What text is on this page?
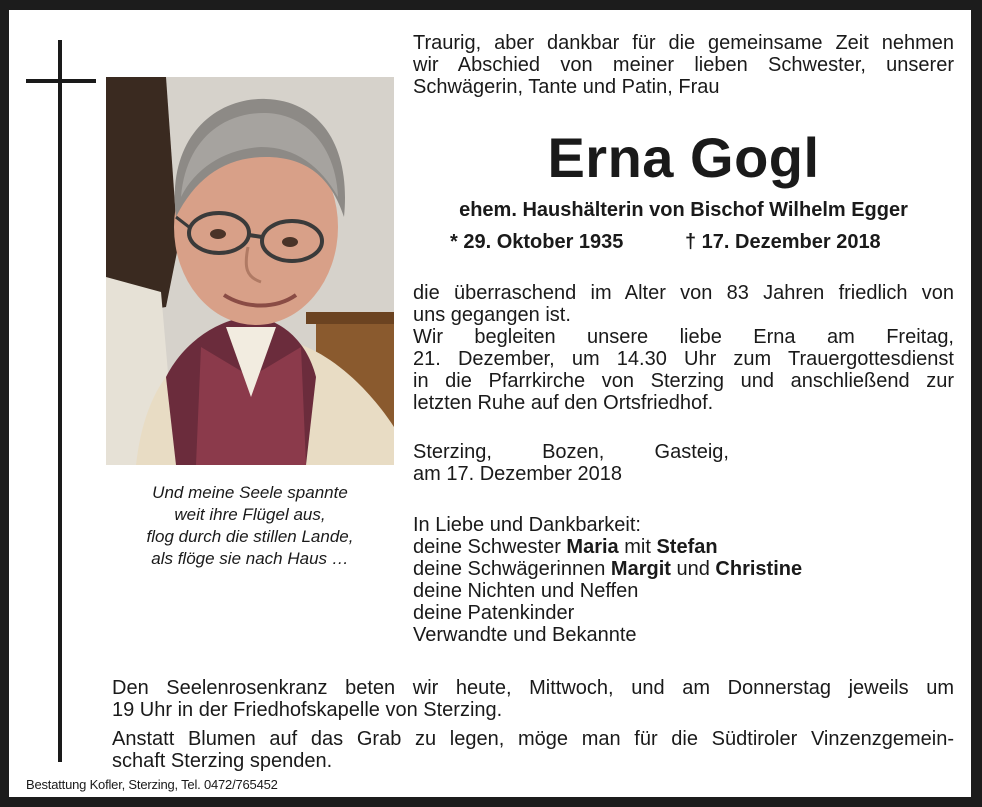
Und meine Seele spannte
weit ihre Flügel aus,
flog durch die stillen Lande,
als flöge sie nach Haus …
Traurig, aber dankbar für die gemeinsame Zeit nehmen
wir Abschied von meiner lieben Schwester, unserer
Schwägerin, Tante und Patin, Frau
Erna Gogl
ehem. Haushälterin von Bischof Wilhelm Egger
* 29. Oktober 1935	† 17. Dezember 2018
die überraschend im Alter von 83 Jahren friedlich von
uns gegangen ist.
Wir begleiten unsere liebe Erna am Freitag,
21. Dezember, um 14.30 Uhr zum Trauergottesdienst
in die Pfarrkirche von Sterzing und anschließend zur
letzten Ruhe auf den Ortsfriedhof.
Sterzing, Bozen, Gasteig,
am 17. Dezember 2018
In Liebe und Dankbarkeit:
deine Schwester Maria mit Stefan
deine Schwägerinnen Margit und Christine
deine Nichten und Neffen
deine Patenkinder
Verwandte und Bekannte
Den Seelenrosenkranz beten wir heute, Mittwoch, und am Donnerstag jeweils um
19 Uhr in der Friedhofskapelle von Sterzing.
Anstatt Blumen auf das Grab zu legen, möge man für die Südtiroler Vinzenzgemein-
schaft Sterzing spenden.
Bestattung Kofler, Sterzing, Tel. 0472/765452
